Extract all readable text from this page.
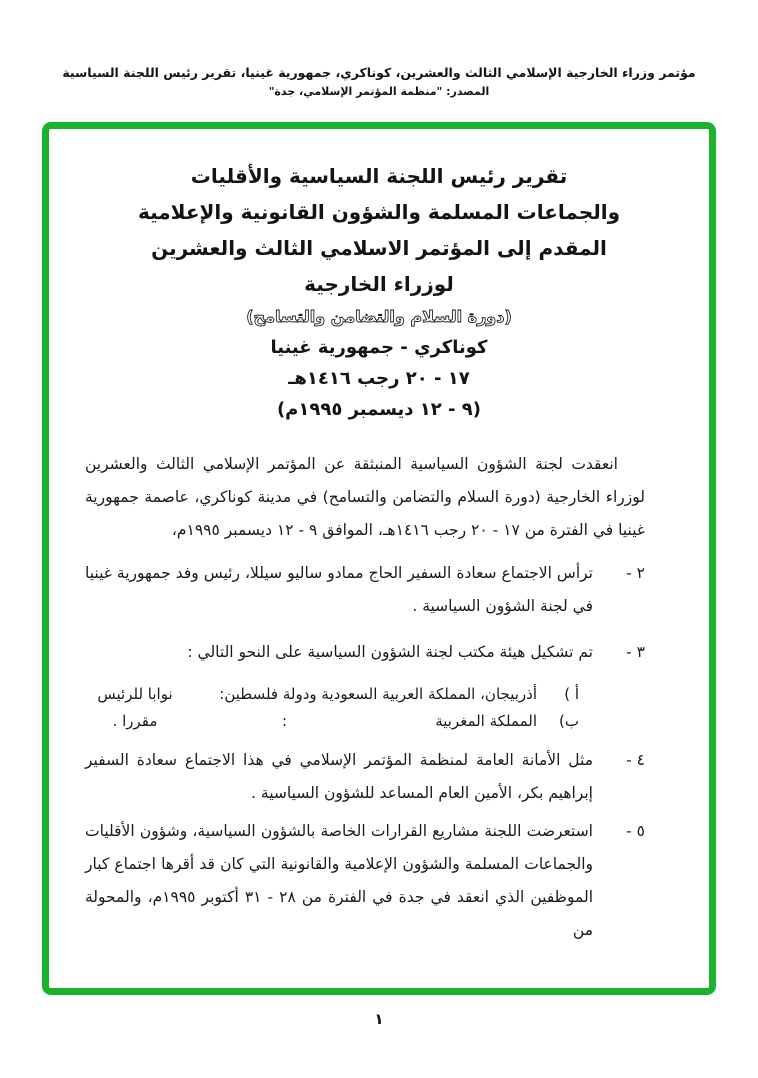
مؤتمر وزراء الخارجية الإسلامي الثالث والعشرين، كوناكري، جمهورية غينيا، تقرير رئيس اللجنة السياسية
المصدر: "منظمة المؤتمر الإسلامي، جدة"
تقرير رئيس اللجنة السياسية والأقليات
والجماعات المسلمة والشؤون القانونية والإعلامية
المقدم إلى المؤتمر الاسلامي الثالث والعشرين
لوزراء الخارجية
(دورة السلام والتضامن والتسامح)
كوناكري - جمهورية غينيا
١٧ - ٢٠ رجب ١٤١٦هـ
(٩ - ١٢ ديسمبر ١٩٩٥م)

انعقدت لجنة الشؤون السياسية المنبثقة عن المؤتمر الإسلامي الثالث والعشرين لوزراء الخارجية (دورة السلام والتضامن والتسامح) في مدينة كوناكري، عاصمة جمهورية غينيا في الفترة من ١٧ - ٢٠ رجب ١٤١٦هـ، الموافق ٩ - ١٢ ديسمبر ١٩٩٥م،

٢ -
ترأس الاجتماع سعادة السفير الحاج ممادو ساليو سيللا، رئيس وفد جمهورية غينيا في لجنة الشؤون السياسية .
٣ -
تم تشكيل هيئة مكتب لجنة الشؤون السياسية على النحو التالي :
أ )
أذربيجان، المملكة العربية السعودية ودولة فلسطين:
نوابا للرئيس
ب)
المملكة المغربية
:
مقررا .
٤ -
مثل الأمانة العامة لمنظمة المؤتمر الإسلامي في هذا الاجتماع سعادة السفير إبراهيم بكر، الأمين العام المساعد للشؤون السياسية .
٥ -
استعرضت اللجنة مشاريع القرارات الخاصة بالشؤون السياسية، وشؤون الأقليات والجماعات المسلمة والشؤون الإعلامية والقانونية التي كان قد أقرها اجتماع كبار الموظفين الذي انعقد في جدة في الفترة من ٢٨ - ٣١ أكتوبر ١٩٩٥م، والمحولة من
١
